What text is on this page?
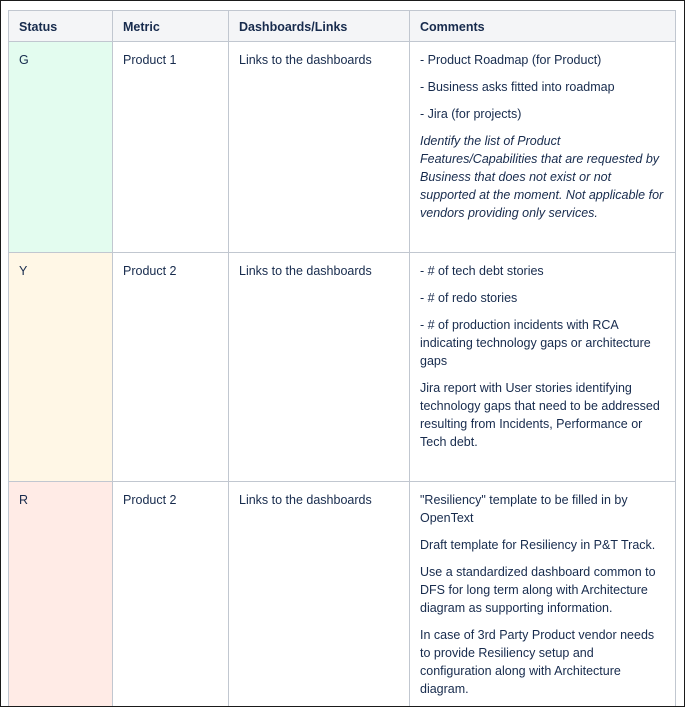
Status	Metric	Dashboards/Links	Comments
G	Product 1	Links to the dashboards	- Product Roadmap (for Product)

- Business asks fitted into roadmap

- Jira (for projects)

Identify the list of Product Features/Capabilities that are requested by Business that does not exist or not supported at the moment. Not applicable for vendors providing only services.

Y	Product 2	Links to the dashboards	- # of tech debt stories

- # of redo stories

- # of production incidents with RCA indicating technology gaps or architecture gaps

Jira report with User stories identifying technology gaps that need to be addressed resulting from Incidents, Performance or Tech debt.

R	Product 2	Links to the dashboards	"Resiliency" template to be filled in by OpenText

Draft template for Resiliency in P&T Track.

Use a standardized dashboard common to DFS for long term along with Architecture diagram as supporting information.

In case of 3rd Party Product vendor needs to provide Resiliency setup and configuration along with Architecture diagram.
